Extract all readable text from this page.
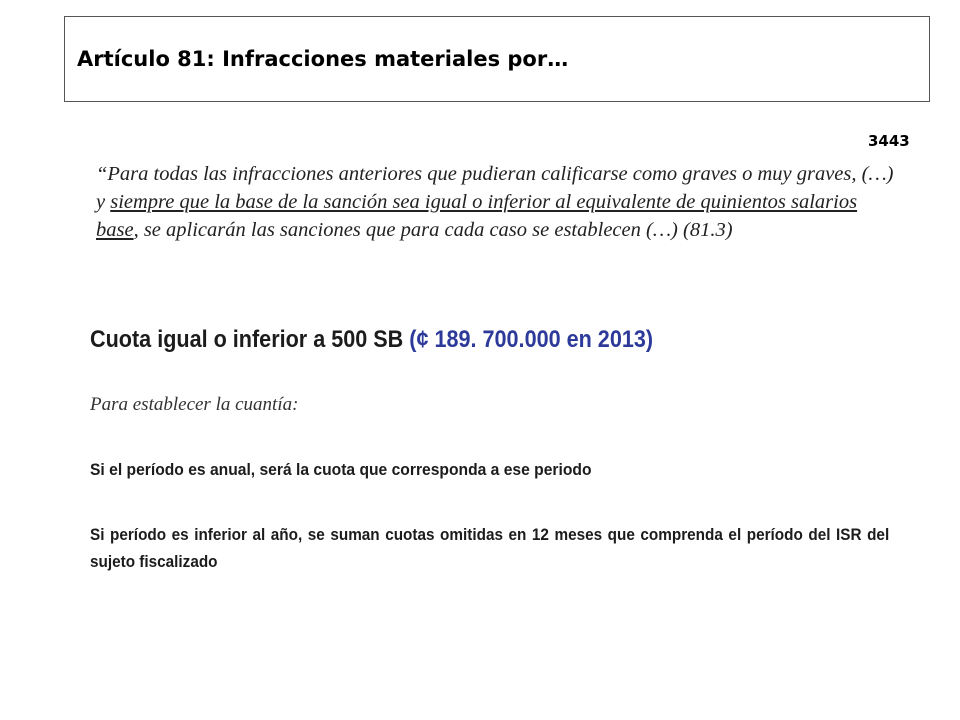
Artículo 81: Infracciones materiales por…
3443
“Para todas las infracciones anteriores que pudieran calificarse como graves o muy graves, (…) y siempre que la base de la sanción sea igual o inferior al equivalente de quinientos salarios base, se aplicarán las sanciones que para cada caso se establecen (…) (81.3)
Cuota igual o inferior a 500 SB (¢ 189. 700.000 en 2013)
Para establecer la cuantía:
Si el período es anual, será la cuota que corresponda a ese periodo
Si período es inferior al año, se suman cuotas omitidas en 12 meses que comprenda el período del ISR del sujeto fiscalizado
